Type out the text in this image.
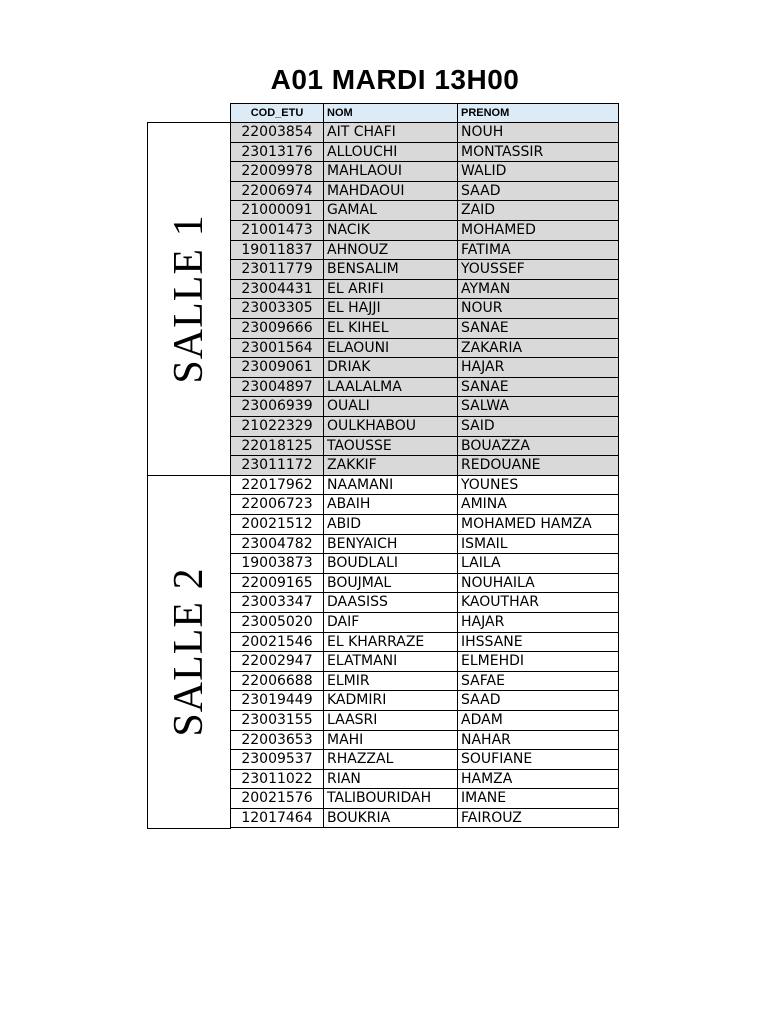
A01 MARDI 13H00
COD_ETU	NOM	PRENOM
SALLE 1
22003854	AIT CHAFI	NOUH
23013176	ALLOUCHI	MONTASSIR
22009978	MAHLAOUI	WALID
22006974	MAHDAOUI	SAAD
21000091	GAMAL	ZAID
21001473	NACIK	MOHAMED
19011837	AHNOUZ	FATIMA
23011779	BENSALIM	YOUSSEF
23004431	EL ARIFI	AYMAN
23003305	EL HAJJI	NOUR
23009666	EL KIHEL	SANAE
23001564	ELAOUNI	ZAKARIA
23009061	DRIAK	HAJAR
23004897	LAALALMA	SANAE
23006939	OUALI	SALWA
21022329	OULKHABOU	SAID
22018125	TAOUSSE	BOUAZZA
23011172	ZAKKIF	REDOUANE
SALLE 2
22017962	NAAMANI	YOUNES
22006723	ABAIH	AMINA
20021512	ABID	MOHAMED HAMZA
23004782	BENYAICH	ISMAIL
19003873	BOUDLALI	LAILA
22009165	BOUJMAL	NOUHAILA
23003347	DAASISS	KAOUTHAR
23005020	DAIF	HAJAR
20021546	EL KHARRAZE	IHSSANE
22002947	ELATMANI	ELMEHDI
22006688	ELMIR	SAFAE
23019449	KADMIRI	SAAD
23003155	LAASRI	ADAM
22003653	MAHI	NAHAR
23009537	RHAZZAL	SOUFIANE
23011022	RIAN	HAMZA
20021576	TALIBOURIDAH	IMANE
12017464	BOUKRIA	FAIROUZ
